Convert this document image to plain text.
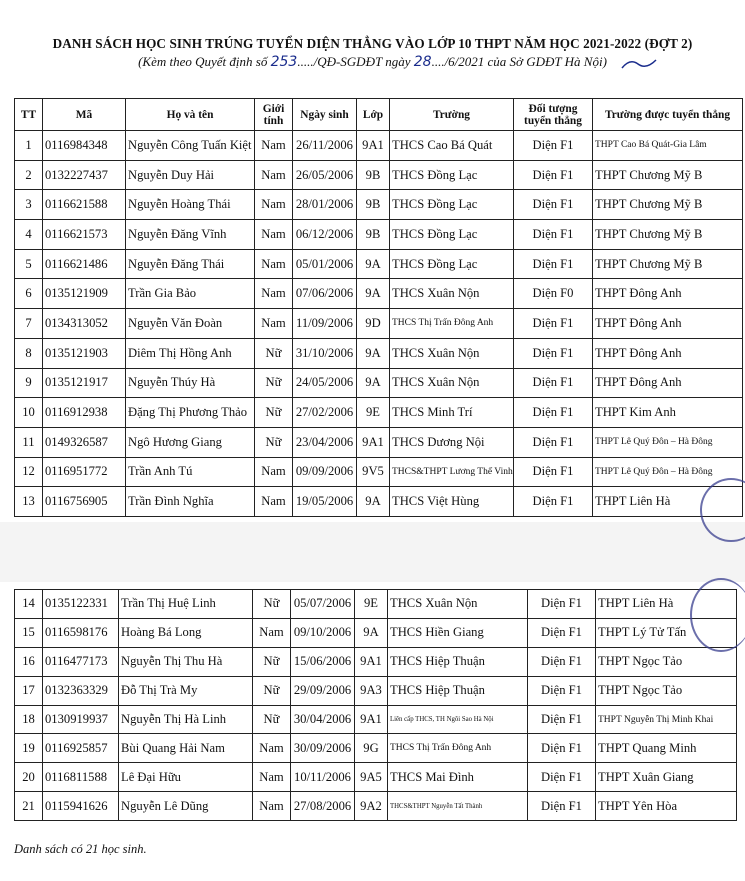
DANH SÁCH HỌC SINH TRÚNG TUYỂN DIỆN THẲNG VÀO LỚP 10 THPT NĂM HỌC 2021-2022 (ĐỢT 2)
(Kèm theo Quyết định số 253...../QĐ-SGDĐT ngày 28..../6/2021 của Sở GDĐT Hà Nội)
TT	Mã	Họ và tên	Giới tính	Ngày sinh	Lớp	Trường	Đối tượng tuyển thẳng	Trường được tuyển thẳng
1	0116984348	Nguyễn Công Tuấn Kiệt	Nam	26/11/2006	9A1	THCS Cao Bá Quát	Diện F1	THPT Cao Bá Quát-Gia Lâm
2	0132227437	Nguyễn Duy Hải	Nam	26/05/2006	9B	THCS Đồng Lạc	Diện F1	THPT Chương Mỹ B
3	0116621588	Nguyễn Hoàng Thái	Nam	28/01/2006	9B	THCS Đồng Lạc	Diện F1	THPT Chương Mỹ B
4	0116621573	Nguyễn Đăng Vĩnh	Nam	06/12/2006	9B	THCS Đồng Lạc	Diện F1	THPT Chương Mỹ B
5	0116621486	Nguyễn Đăng Thái	Nam	05/01/2006	9A	THCS Đồng Lạc	Diện F1	THPT Chương Mỹ B
6	0135121909	Trần Gia Bảo	Nam	07/06/2006	9A	THCS Xuân Nộn	Diện F0	THPT Đông Anh
7	0134313052	Nguyễn Văn Đoàn	Nam	11/09/2006	9D	THCS Thị Trấn Đông Anh	Diện F1	THPT Đông Anh
8	0135121903	Diêm Thị Hồng Anh	Nữ	31/10/2006	9A	THCS Xuân Nộn	Diện F1	THPT Đông Anh
9	0135121917	Nguyễn Thúy Hà	Nữ	24/05/2006	9A	THCS Xuân Nộn	Diện F1	THPT Đông Anh
10	0116912938	Đặng Thị Phương Thảo	Nữ	27/02/2006	9E	THCS Minh Trí	Diện F1	THPT Kim Anh
11	0149326587	Ngô Hương Giang	Nữ	23/04/2006	9A1	THCS Dương Nội	Diện F1	THPT Lê Quý Đôn – Hà Đông
12	0116951772	Trần Anh Tú	Nam	09/09/2006	9V5	THCS&THPT Lương Thế Vinh	Diện F1	THPT Lê Quý Đôn – Hà Đông
13	0116756905	Trần Đình Nghĩa	Nam	19/05/2006	9A	THCS Việt Hùng	Diện F1	THPT Liên Hà
14	0135122331	Trần Thị Huệ Linh	Nữ	05/07/2006	9E	THCS Xuân Nộn	Diện F1	THPT Liên Hà
15	0116598176	Hoàng Bá Long	Nam	09/10/2006	9A	THCS Hiền Giang	Diện F1	THPT Lý Tử Tấn
16	0116477173	Nguyễn Thị Thu Hà	Nữ	15/06/2006	9A1	THCS Hiệp Thuận	Diện F1	THPT Ngọc Tảo
17	0132363329	Đỗ Thị Trà My	Nữ	29/09/2006	9A3	THCS Hiệp Thuận	Diện F1	THPT Ngọc Tảo
18	0130919937	Nguyễn Thị Hà Linh	Nữ	30/04/2006	9A1	Liên cấp THCS, TH Ngôi Sao Hà Nội	Diện F1	THPT Nguyễn Thị Minh Khai
19	0116925857	Bùi Quang Hải Nam	Nam	30/09/2006	9G	THCS Thị Trấn Đông Anh	Diện F1	THPT Quang Minh
20	0116811588	Lê Đại Hữu	Nam	10/11/2006	9A5	THCS Mai Đình	Diện F1	THPT Xuân Giang
21	0115941626	Nguyễn Lê Dũng	Nam	27/08/2006	9A2	THCS&THPT Nguyễn Tất Thành	Diện F1	THPT Yên Hòa
Danh sách có 21 học sinh.
